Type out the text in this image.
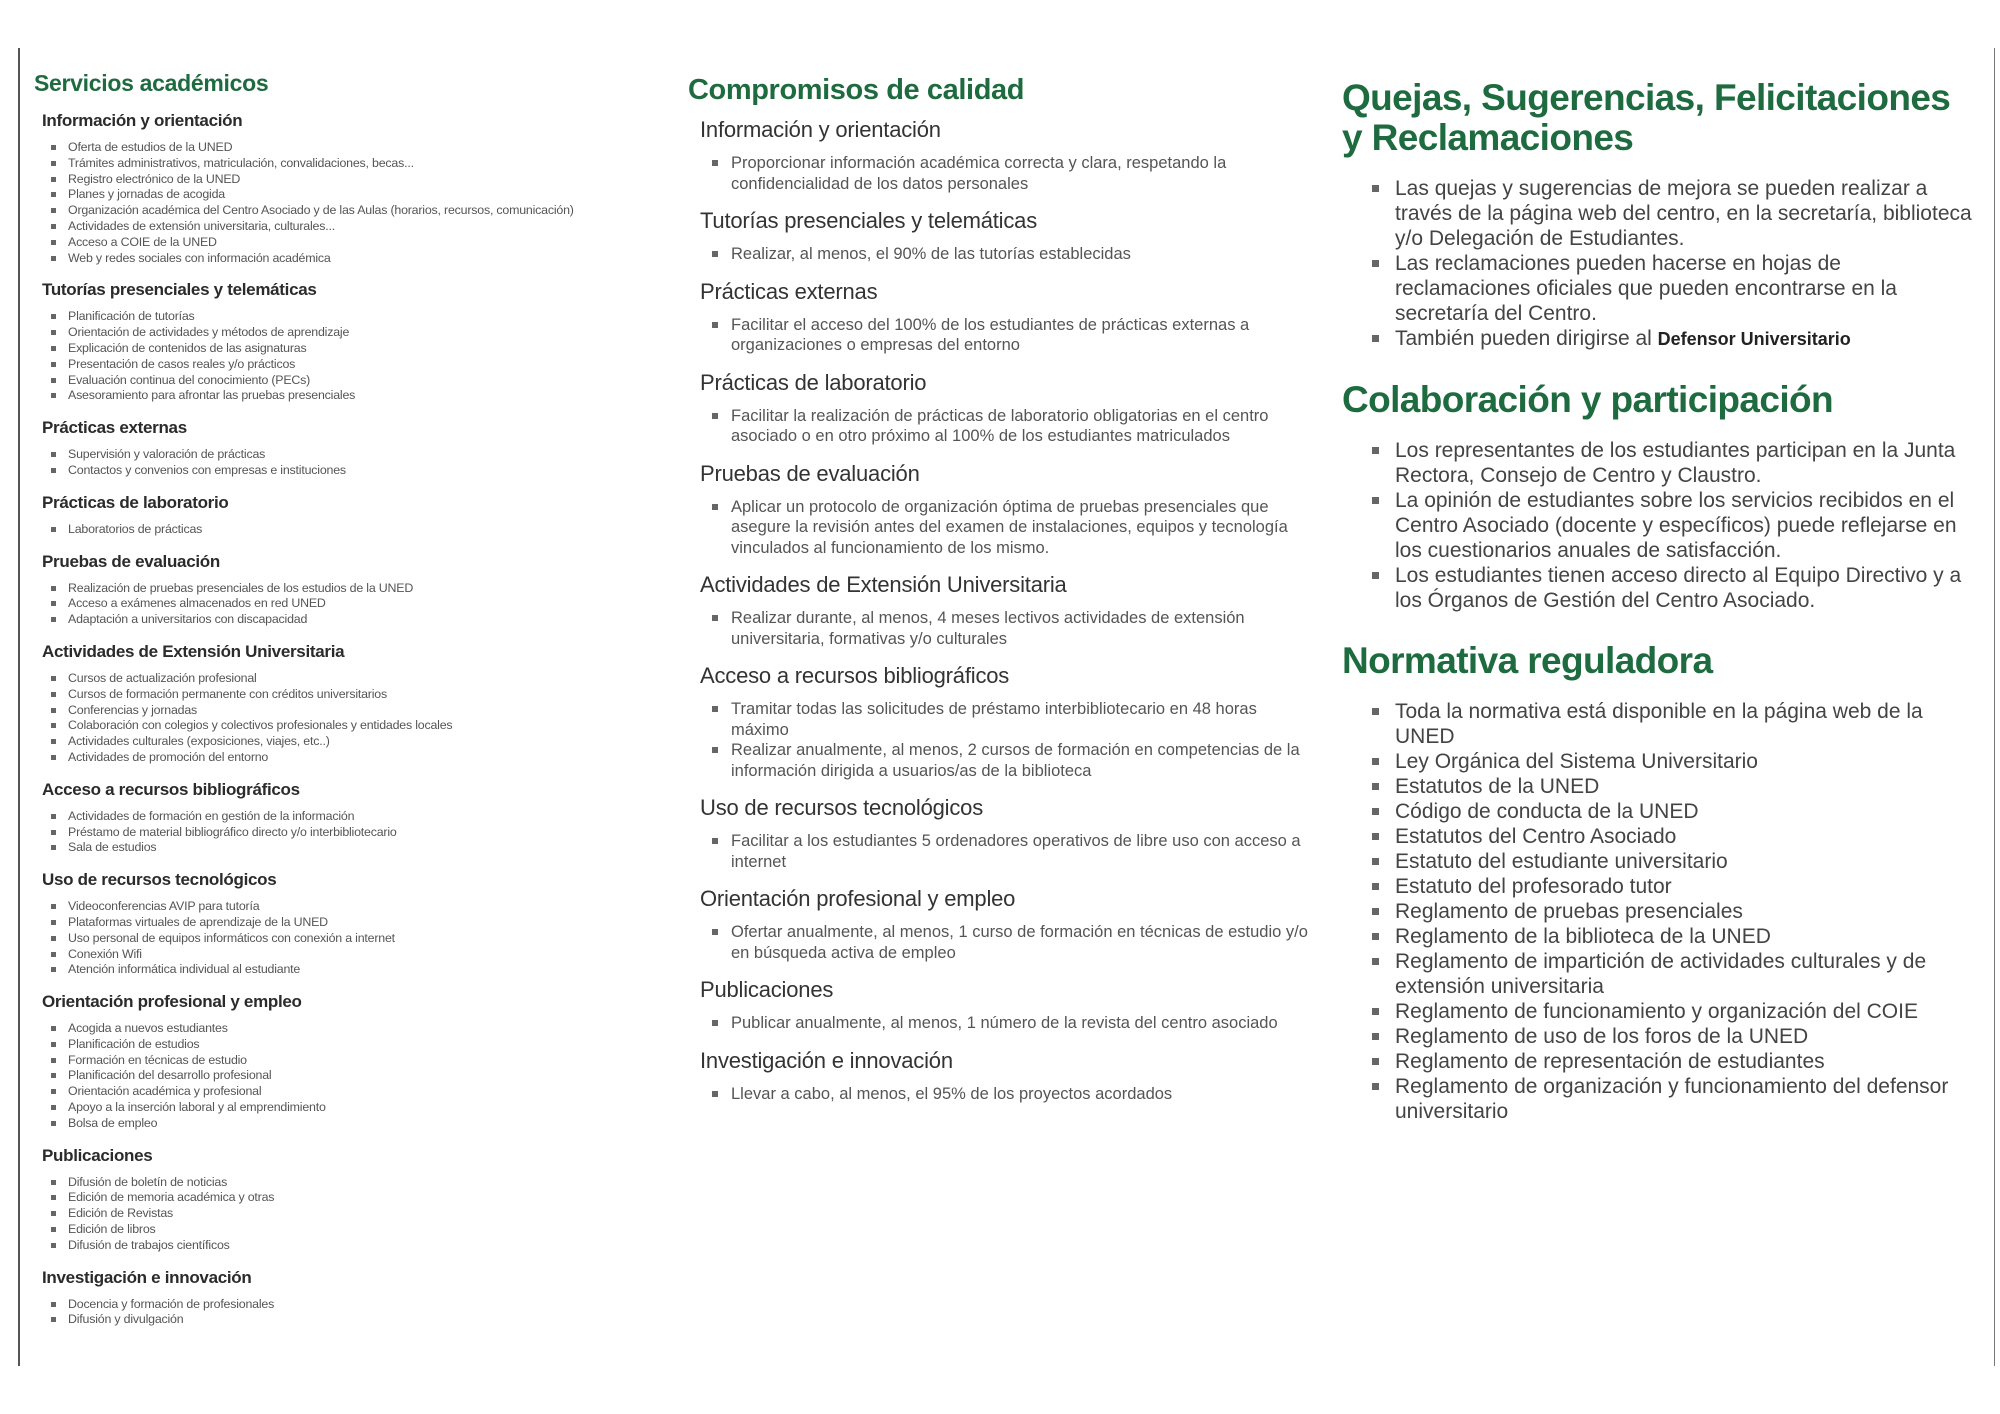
Servicios académicos
Información y orientación
Oferta de estudios de la UNED
Trámites administrativos, matriculación, convalidaciones, becas...
Registro electrónico de la UNED
Planes y jornadas de acogida
Organización académica del Centro Asociado y de las Aulas (horarios, recursos, comunicación)
Actividades de extensión universitaria, culturales...
Acceso a COIE de la UNED
Web y redes sociales con información académica
Tutorías presenciales y telemáticas
Planificación de tutorías
Orientación de actividades y métodos de aprendizaje
Explicación de contenidos de las asignaturas
Presentación de casos reales y/o prácticos
Evaluación continua del conocimiento (PECs)
Asesoramiento para afrontar las pruebas presenciales
Prácticas externas
Supervisión y valoración de prácticas
Contactos y convenios con empresas e instituciones
Prácticas de laboratorio
Laboratorios de prácticas
Pruebas de evaluación
Realización de pruebas presenciales de los estudios de la UNED
Acceso a exámenes almacenados en red UNED
Adaptación a universitarios con discapacidad
Actividades de Extensión Universitaria
Cursos de actualización profesional
Cursos de formación permanente con créditos universitarios
Conferencias y jornadas
Colaboración con colegios y colectivos profesionales y entidades locales
Actividades culturales (exposiciones, viajes, etc..)
Actividades de promoción del entorno
Acceso a recursos bibliográficos
Actividades de formación en gestión de la información
Préstamo de material bibliográfico directo y/o interbibliotecario
Sala de estudios
Uso de recursos tecnológicos
Videoconferencias AVIP para tutoría
Plataformas virtuales de aprendizaje de la UNED
Uso personal de equipos informáticos con conexión a internet
Conexión Wifi
Atención informática individual al estudiante
Orientación profesional y empleo
Acogida a nuevos estudiantes
Planificación de estudios
Formación en técnicas de estudio
Planificación del desarrollo profesional
Orientación académica y profesional
Apoyo a la inserción laboral y al emprendimiento
Bolsa de empleo
Publicaciones
Difusión de boletín de noticias
Edición de memoria académica y otras
Edición de Revistas
Edición de libros
Difusión de trabajos científicos
Investigación e innovación
Docencia y formación de profesionales
Difusión y divulgación
Compromisos de calidad
Información y orientación
Proporcionar información académica correcta y clara, respetando la confidencialidad de los datos personales
Tutorías presenciales y telemáticas
Realizar, al menos, el 90% de las tutorías establecidas
Prácticas externas
Facilitar el acceso del 100% de los estudiantes de prácticas externas a organizaciones o empresas del entorno
Prácticas de laboratorio
Facilitar la realización de prácticas de laboratorio obligatorias en el centro asociado o en otro próximo al 100% de los estudiantes matriculados
Pruebas de evaluación
Aplicar un protocolo de organización óptima de pruebas presenciales que asegure la revisión antes del examen de instalaciones, equipos y tecnología vinculados al funcionamiento de los mismo.
Actividades de Extensión Universitaria
Realizar durante, al menos, 4 meses lectivos actividades de extensión universitaria, formativas y/o culturales
Acceso a recursos bibliográficos
Tramitar todas las solicitudes de préstamo interbibliotecario en 48 horas máximo
Realizar anualmente, al menos, 2 cursos de formación en competencias de la información dirigida a usuarios/as de la biblioteca
Uso de recursos tecnológicos
Facilitar a los estudiantes 5 ordenadores operativos de libre uso con acceso a internet
Orientación profesional y empleo
Ofertar anualmente, al menos, 1 curso de formación en técnicas de estudio y/o en búsqueda activa de empleo
Publicaciones
Publicar anualmente, al menos, 1 número de la revista del centro asociado
Investigación e innovación
Llevar a cabo, al menos, el 95% de los proyectos acordados
Quejas, Sugerencias, Felicitaciones y Reclamaciones
Las quejas y sugerencias de mejora se pueden realizar a través de la página web del centro, en la secretaría, biblioteca y/o Delegación de Estudiantes.
Las reclamaciones pueden hacerse en hojas de reclamaciones oficiales que pueden encontrarse en la secretaría del Centro.
También pueden dirigirse al Defensor Universitario
Colaboración y participación
Los representantes de los estudiantes participan en la Junta Rectora, Consejo de Centro y Claustro.
La opinión de estudiantes sobre los servicios recibidos en el Centro Asociado (docente y específicos) puede reflejarse en los cuestionarios anuales de satisfacción.
Los estudiantes tienen acceso directo al Equipo Directivo y a los Órganos de Gestión del Centro Asociado.
Normativa reguladora
Toda la normativa está disponible en la página web de la UNED
Ley Orgánica del Sistema Universitario
Estatutos de la UNED
Código de conducta de la UNED
Estatutos del Centro Asociado
Estatuto del estudiante universitario
Estatuto del profesorado tutor
Reglamento de pruebas presenciales
Reglamento de la biblioteca de la UNED
Reglamento de impartición de actividades culturales y de extensión universitaria
Reglamento de funcionamiento y organización del COIE
Reglamento de uso de los foros de la UNED
Reglamento de representación de estudiantes
Reglamento de organización y funcionamiento del defensor universitario
